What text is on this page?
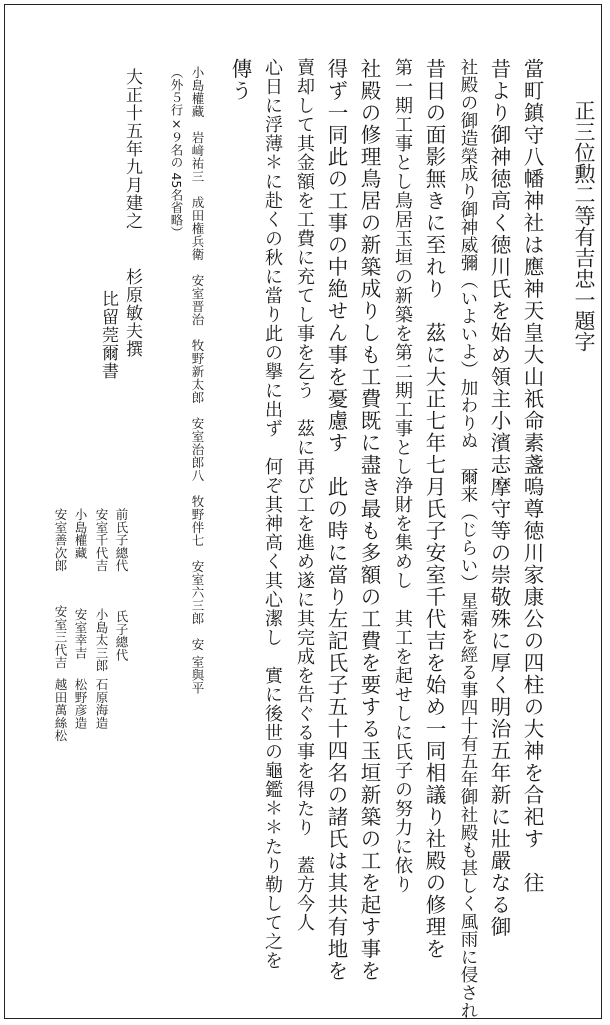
正三位勲二等有吉忠一題字
當町鎮守八幡神社は應神天皇大山祇命素盞嗚尊徳川家康公の四柱の大神を合祀す　往
昔より御神徳高く徳川氏を始め領主小濱志摩守等の崇敬殊に厚く明治五年新に壯嚴なる御
社殿の御造榮成り御神威彌（いよいよ）加わりぬ　爾来（じらい）星霜を經る事四十有五年御社殿も甚しく風雨に侵され
昔日の面影無きに至れり　茲に大正七年七月氏子安室千代吉を始め一同相議り社殿の修理を
第一期工事とし鳥居玉垣の新築を第二期工事とし浄財を集めし　其工を起せしに氏子の努力に依り
社殿の修理鳥居の新築成りしも工費既に盡き最も多額の工費を要する玉垣新築の工を起す事を
得ず一同此の工事の中絶せん事を憂慮す　此の時に當り左記氏子五十四名の諸氏は其共有地を
賣却して其金額を工費に充てし事を乞う　茲に再び工を進め遂に其完成を告ぐる事を得たり　蓋方今人
心日に浮薄＊に赴くの秋に當り此の擧に出ず　何ぞ其神高く其心潔し　實に後世の龜鑑＊＊たり勒して之を
傳う
小島權藏　岩﨑祐三　成田権兵衛　安室晋治　牧野新太郎　安室治郎八　牧野伴七　安室六三郎　安 室與平
（外５行×９名の 45名省略）
大正十五年九月建之
杉原敏夫撰
比留莞爾書
前氏子總代
氏子總代
安室千代吉
小島太三郎
石原海造
小島權藏
安室幸吉
松野彦造
安室善次郎
安室三代吉
越田萬絲松
